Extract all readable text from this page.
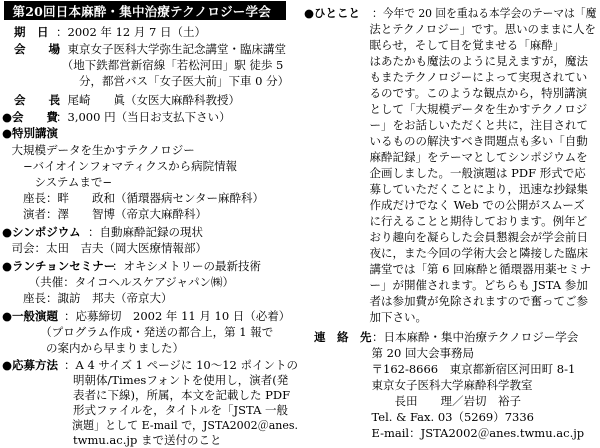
第20回日本麻酔・集中治療テクノロジー学会
期　日 ：2002 年 12 月 7 日（土）
会　　場
：東京女子医科大学弥生記念講堂・臨床講堂
　（地下鉄都営新宿線「若松河田」駅 徒歩 5
　　分，都営バス「女子医大前」下車 0 分）
会　　長
：尾崎　　眞（女医大麻酔科教授）
●会　　費
：3,000 円（当日お支払下さい）
●特別講演
　大規模データを生かすテクノロジー
　　−バイオインフォマティクスから病院情報
　　　システムまで−
　　座長：畔　　政和（循環器病センター麻酔科）
　　演者：澤　　智博（帝京大麻酔科）
●シンポジウム ：自動麻酔記録の現状
　司会：太田　吉夫（岡大医療情報部）
●ランチョンセミナー
：オキシメトリーの最新技術
　　　（共催：タイコヘルスケアジャパン㈱）
　　座長：諏訪　邦夫（帝京大）
●一般演題 ：応募締切　2002 年 11 月 10 日（必着）
　　　　（プログラム作成・発送の都合上，第 1 報で
　　　　の案内から早まりました）
●応募方法 ：A 4 サイズ 1 ページに 10〜12 ポイントの
　　明朝体/Timesフォントを使用し，演者(発
　　表者に下線)，所属，本文を記載した PDF
　　形式ファイルを，タイトルを「JSTA 一般
　　演題」として E-mail で，JSTA2002＠anes.
　　twmu.ac.jp まで送付のこと
●ひとこと ：今年で 20 回を重ねる本学会のテーマは「魔
　法とテクノロジー」です。思いのままに人を
　眠らせ，そして目を覚ませる「麻酔」
　はあたかも魔法のように見えますが，魔法
　もまたテクノロジーによって実現されてい
　るのです。このような観点から，特別講演
　として「大規模データを生かすテクノロジ
　ー」をお話しいただくと共に，注目されて
　いるものの解決すべき問題点も多い「自動
　麻酔記録」をテーマとしてシンポジウムを
　企画しました。一般演題は PDF 形式で応
　募していただくことにより，迅速な抄録集
　作成だけでなく Web での公開がスムーズ
　に行えることと期待しております。例年ど
　おり趣向を凝らした会員懇親会が学会前日
　夜に，また今回の学術大会と隣接した臨床
　講堂では「第 6 回麻酔と循環器用薬セミナ
　ー」が開催されます。どちらも JSTA 参加
　者は参加費が免除されますので奮ってご参
　加下さい。
連　絡　先 ：日本麻酔・集中治療テクノロジー学会
　第 20 回大会事務局
　〒162-8666　東京都新宿区河田町 8-1
　東京女子医科大学麻酔科学教室
　　　長田　　理／岩切　裕子
　Tel. & Fax. 03（5269）7336
　E-mail：JSTA2002＠anes.twmu.ac.jp
